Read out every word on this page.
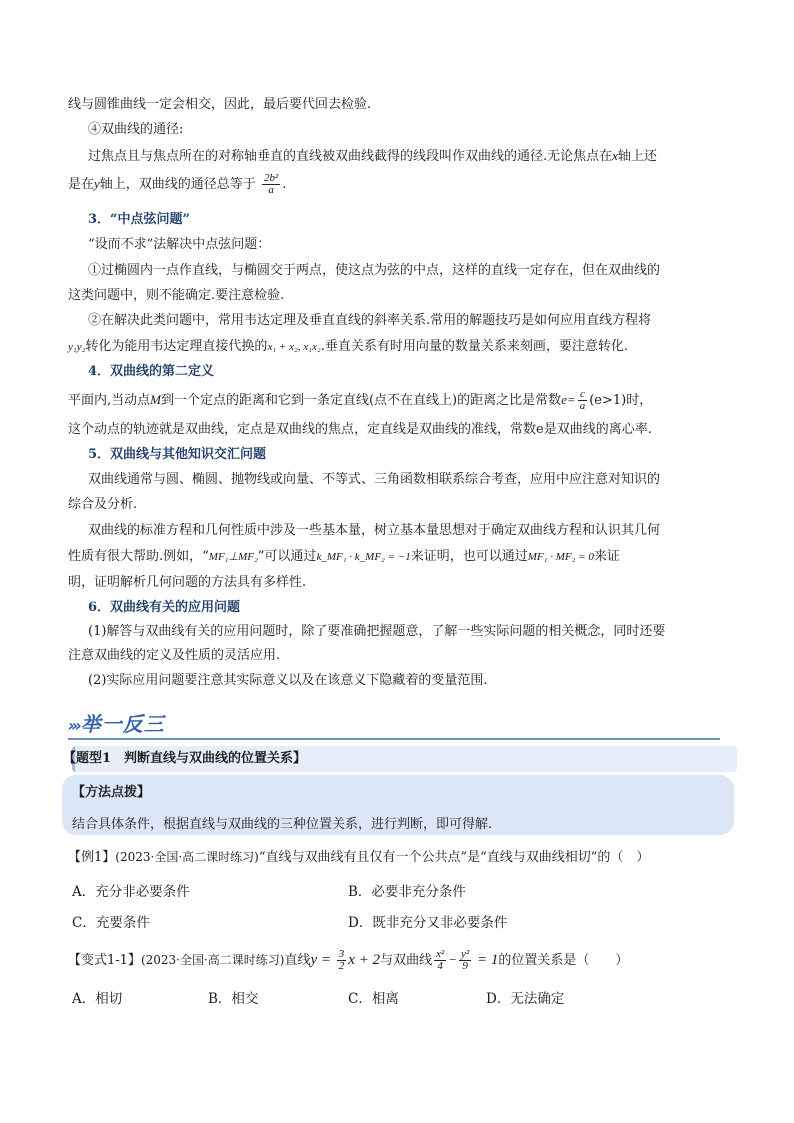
线与圆锥曲线一定会相交，因此，最后要代回去检验.
④双曲线的通径:
过焦点且与焦点所在的对称轴垂直的直线被双曲线截得的线段叫作双曲线的通径.无论焦点在x轴上还
是在y轴上，双曲线的通径总等于 $\frac{\text{2b²}}{a}$ .
3．“中点弦问题”
“设而不求”法解决中点弦问题：
①过椭圆内一点作直线，与椭圆交于两点，使这点为弦的中点，这样的直线一定存在，但在双曲线的
这类问题中，则不能确定.要注意检验.
②在解决此类问题中，常用韦达定理及垂直直线的斜率关系.常用的解题技巧是如何应用直线方程将
y₁y₂转化为能用韦达定理直接代换的x₁ + x₂, x₁x₂.垂直关系有时用向量的数量关系来刻画，要注意转化.
4．双曲线的第二定义
平面内,当动点M到一个定点的距离和它到一条定直线(点不在直线上)的距离之比是常数$e= \frac{c}{a} (e>1)$时，
这个动点的轨迹就是双曲线，定点是双曲线的焦点，定直线是双曲线的准线，常数e是双曲线的离心率.
5．双曲线与其他知识交汇问题
双曲线通常与圆、椭圆、抛物线或向量、不等式、三角函数相联系综合考查，应用中应注意对知识的
综合及分析.
双曲线的标准方程和几何性质中涉及一些基本量，树立基本量思想对于确定双曲线方程和认识其几何
性质有很大帮助.例如，“MF₁⊥MF₂”可以通过k_MF₁ · k_MF₂ = −1来证明，也可以通过MF₁ · MF₂ = 0来证
明，证明解析几何问题的方法具有多样性.
6．双曲线有关的应用问题
(1)解答与双曲线有关的应用问题时，除了要准确把握题意，了解一些实际问题的相关概念，同时还要
注意双曲线的定义及性质的灵活应用.
(2)实际应用问题要注意其实际意义以及在该意义下隐藏着的变量范围.
››› 举一反三
【题型1　判断直线与双曲线的位置关系】
【方法点拨】
结合具体条件，根据直线与双曲线的三种位置关系，进行判断，即可得解.
【例1】(2023·全国·高二课时练习)“直线与双曲线有且仅有一个公共点”是“直线与双曲线相切”的（　）
A．充分非必要条件	B．必要非充分条件
C．充要条件	D．既非充分又非必要条件
【变式1-1】(2023·全国·高二课时练习)直线$y = \frac{3}{2}$ x + 2与双曲线 $\frac{\text{x²}}{4} - \frac{\text{y²}}{9} = 1$的位置关系是（　　）
A．相切	B．相交	C．相离	D．无法确定
